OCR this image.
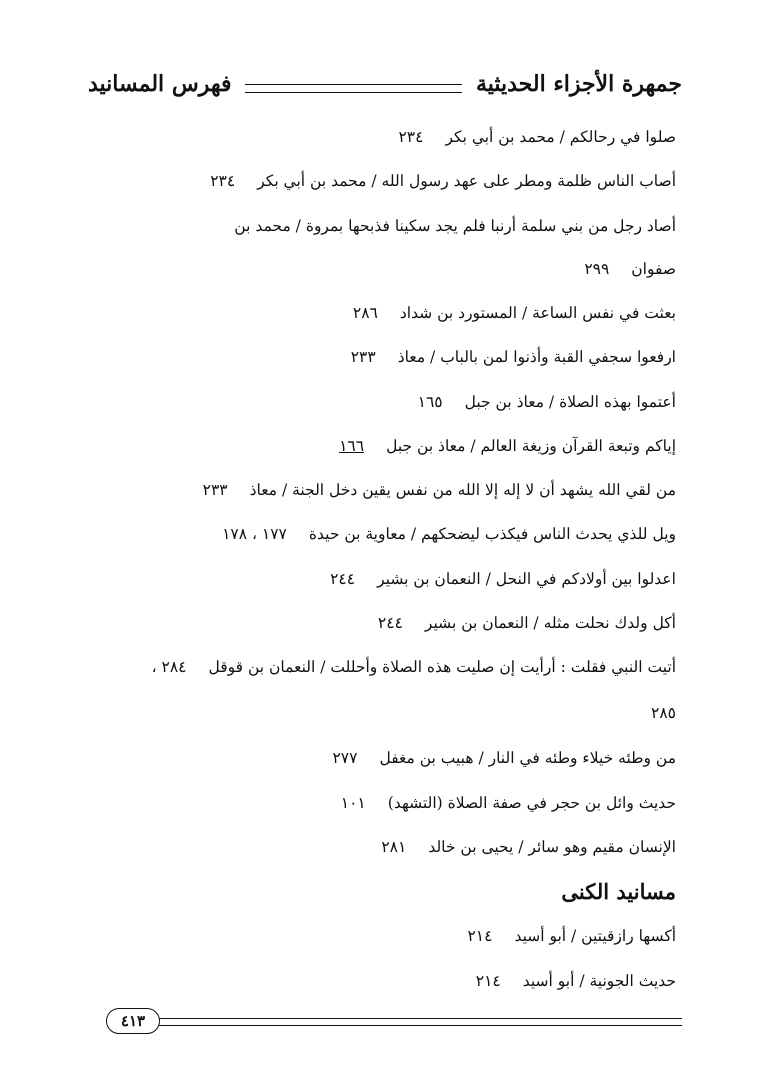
جمهرة الأجزاء الحديثية
فهرس المسانيد
صلوا في رحالكم / محمد بن أبي بكر٢٣٤
أصاب الناس ظلمة ومطر على عهد رسول الله / محمد بن أبي بكر٢٣٤
أصاد رجل من بني سلمة أرنبا فلم يجد سكينا فذبحها بمروة / محمد بن
صفوان٢٩٩
بعثت في نفس الساعة / المستورد بن شداد٢٨٦
ارفعوا سجفي القبة وأذنوا لمن بالباب / معاذ٢٣٣
أعتموا بهذه الصلاة / معاذ بن جبل١٦٥
إياكم وتبعة القرآن وزيغة العالم / معاذ بن جبل١٦٦
من لقي الله يشهد أن لا إله إلا الله من نفس يقين دخل الجنة / معاذ٢٣٣
ويل للذي يحدث الناس فيكذب ليضحكهم / معاوية بن حيدة١٧٧ ، ١٧٨
اعدلوا بين أولادكم في النحل / النعمان بن بشير٢٤٤
أكل ولدك نحلت مثله / النعمان بن بشير٢٤٤
أتيت النبي فقلت : أرأيت إن صليت هذه الصلاة وأحللت / النعمان بن قوقل٢٨٤ ،
٢٨٥
من وطئه خيلاء وطئه في النار / هبيب بن مغفل٢٧٧
حديث وائل بن حجر في صفة الصلاة (التشهد)١٠١
الإنسان مقيم وهو سائر / يحيى بن خالد٢٨١
مسانيد الكنى
أكسها رازقيتين / أبو أسيد٢١٤
حديث الجونية / أبو أسيد٢١٤
٤١٣
